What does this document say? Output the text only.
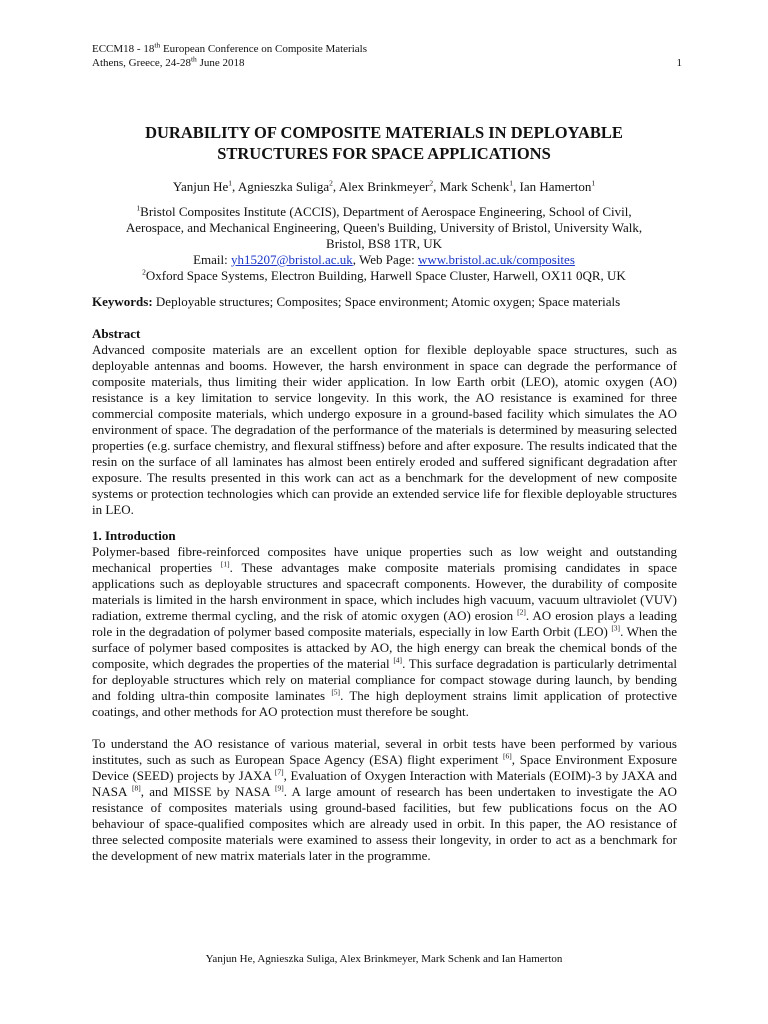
ECCM18 - 18th European Conference on Composite Materials
Athens, Greece, 24-28th June 2018	1
DURABILITY OF COMPOSITE MATERIALS IN DEPLOYABLE
STRUCTURES FOR SPACE APPLICATIONS
Yanjun He$^1$, Agnieszka Suliga$^2$, Alex Brinkmeyer$^2$, Mark Schenk$^1$, Ian Hamerton$^1$
$^1$Bristol Composites Institute (ACCIS), Department of Aerospace Engineering, School of Civil,
Aerospace, and Mechanical Engineering, Queen's Building, University of Bristol, University Walk,
Bristol, BS8 1TR, UK
Email: yh15207@bristol.ac.uk, Web Page: www.bristol.ac.uk/composites
$^2$Oxford Space Systems, Electron Building, Harwell Space Cluster, Harwell, OX11 0QR, UK
Keywords: Deployable structures; Composites; Space environment; Atomic oxygen; Space materials
Abstract
Advanced composite materials are an excellent option for flexible deployable space structures, such as deployable antennas and booms. However, the harsh environment in space can degrade the performance of composite materials, thus limiting their wider application. In low Earth orbit (LEO), atomic oxygen (AO) resistance is a key limitation to service longevity. In this work, the AO resistance is examined for three commercial composite materials, which undergo exposure in a ground-based facility which simulates the AO environment of space. The degradation of the performance of the materials is determined by measuring selected properties (e.g. surface chemistry, and flexural stiffness) before and after exposure. The results indicated that the resin on the surface of all laminates has almost been entirely eroded and suffered significant degradation after exposure. The results presented in this work can act as a benchmark for the development of new composite systems or protection technologies which can provide an extended service life for flexible deployable structures in LEO.
1. Introduction
Polymer-based fibre-reinforced composites have unique properties such as low weight and outstanding mechanical properties [1]. These advantages make composite materials promising candidates in space applications such as deployable structures and spacecraft components. However, the durability of composite materials is limited in the harsh environment in space, which includes high vacuum, vacuum ultraviolet (VUV) radiation, extreme thermal cycling, and the risk of atomic oxygen (AO) erosion [2]. AO erosion plays a leading role in the degradation of polymer based composite materials, especially in low Earth Orbit (LEO) [3]. When the surface of polymer based composites is attacked by AO, the high energy can break the chemical bonds of the composite, which degrades the properties of the material [4]. This surface degradation is particularly detrimental for deployable structures which rely on material compliance for compact stowage during launch, by bending and folding ultra-thin composite laminates [5]. The high deployment strains limit application of protective coatings, and other methods for AO protection must therefore be sought.
To understand the AO resistance of various material, several in orbit tests have been performed by various institutes, such as such as European Space Agency (ESA) flight experiment [6], Space Environment Exposure Device (SEED) projects by JAXA [7], Evaluation of Oxygen Interaction with Materials (EOIM)-3 by JAXA and NASA [8], and MISSE by NASA [9]. A large amount of research has been undertaken to investigate the AO resistance of composites materials using ground-based facilities, but few publications focus on the AO behaviour of space-qualified composites which are already used in orbit. In this paper, the AO resistance of three selected composite materials were examined to assess their longevity, in order to act as a benchmark for the development of new matrix materials later in the programme.
Yanjun He, Agnieszka Suliga, Alex Brinkmeyer, Mark Schenk and Ian Hamerton
